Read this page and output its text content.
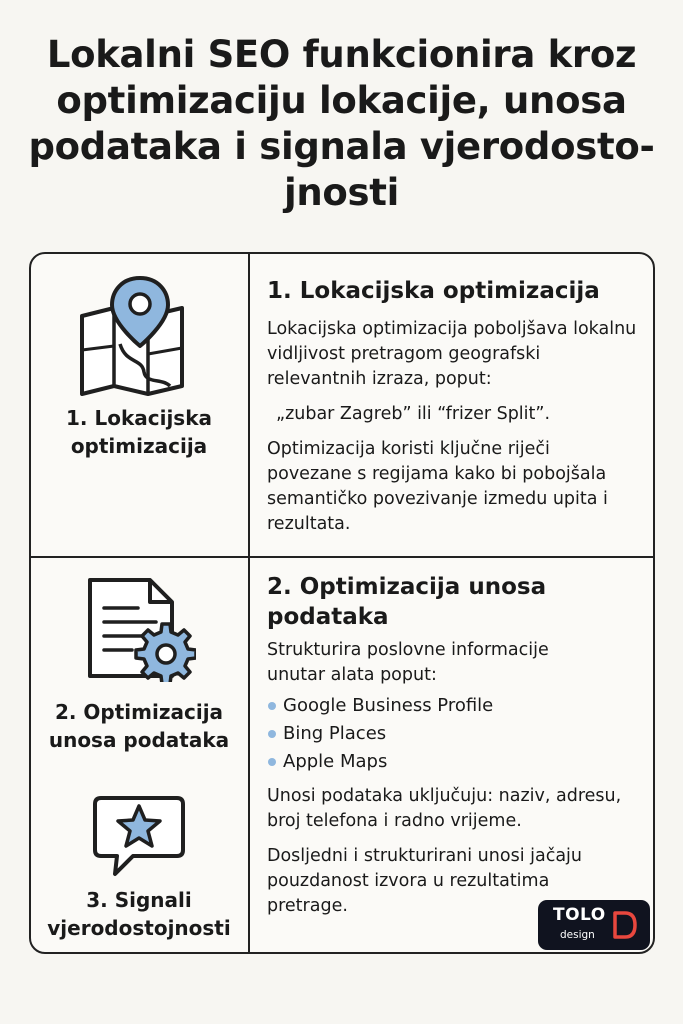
Lokalni SEO funkcionira kroz
optimizaciju lokacije, unosa
podataka i signala vjerodosto-
jnosti
1. Lokacijska
optimizacija
1. Lokacijska optimizacija

Lokacijska optimizacija poboljšava lokalnu vidljivost pretragom geografski relevantnih izraza, poput:

„zubar Zagreb” ili “frizer Split”.

Optimizacija koristi ključne riječi povezane s regijama kako bi pobojšala semantičko povezivanje izmedu upita i rezultata.

2. Optimizacija
unosa podataka
3. Signali
vjerodostojnosti
2. Optimizacija unosa podataka

Strukturira poslovne informacije unutar alata poput:

Google Business Profile
Bing Places
Apple Maps

Unosi podataka uključuju: naziv, adresu, broj telefona i radno vrijeme.

Dosljedni i strukturirani unosi jačaju pouzdanost izvora u rezultatima pretrage.	TOLO
design
